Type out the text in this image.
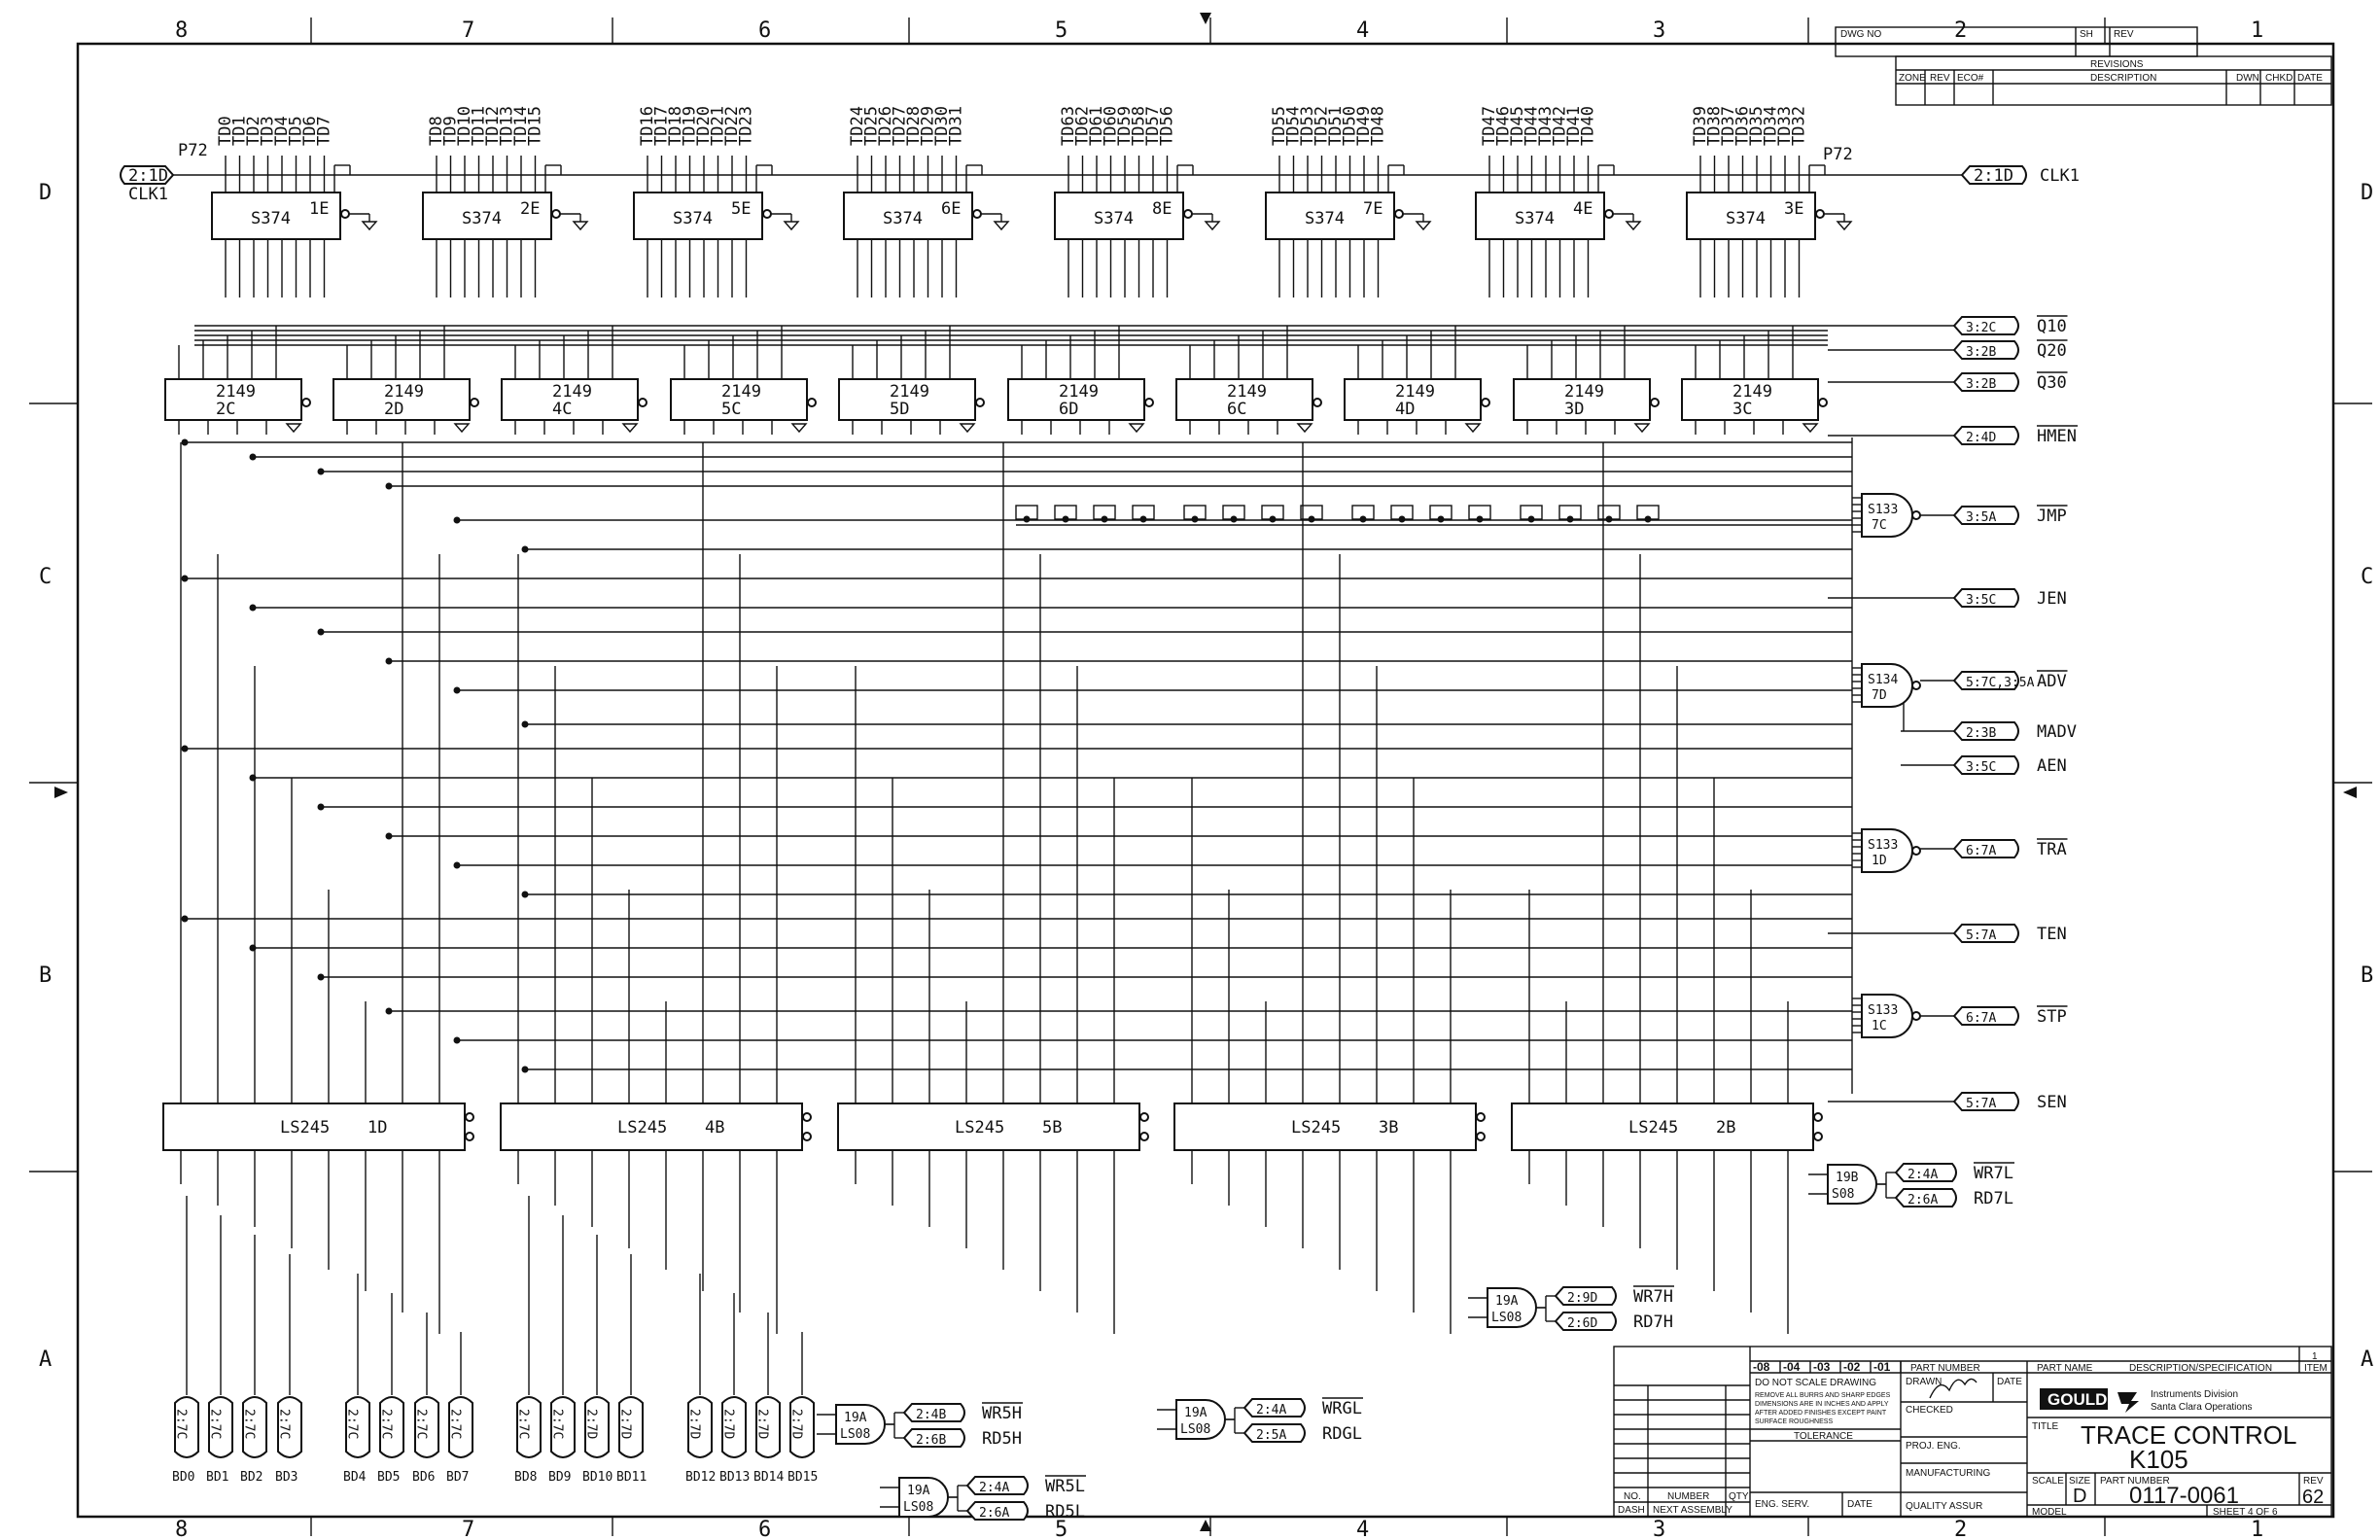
8
8
7
7
6
6
5
5
4
4
3
3
2
2
1
1
D	D
C	C
B	B
A	A
S374 1E
TD0
TD1
TD2
TD3
TD4
TD5
TD6
TD7
S374 2E
TD8
TD9
TD10
TD11
TD12
TD13
TD14
TD15
S374 5E
TD16
TD17
TD18
TD19
TD20
TD21
TD22
TD23
S374 6E
TD24
TD25
TD26
TD27
TD28
TD29
TD30
TD31
S374 8E
TD63
TD62
TD61
TD60
TD59
TD58
TD57
TD56
S374 7E
TD55
TD54
TD53
TD52
TD51
TD50
TD49
TD48
S374 4E
TD47
TD46
TD45
TD44
TD43
TD42
TD41
TD40
S374 3E
TD39
TD38
TD37
TD36
TD35
TD34
TD33
TD32
2149
2C
2149
2D
2149
4C
2149
5C
2149
5D
2149
6D
2149
6C
2149
4D
2149
3D
2149
3C
LS245 1D	LS245 4B	LS245 5B	LS245 3B	LS245 2B
S133
7C
S134
7D
S133
1D
S133
1C
19B
S08
19A
LS08
19A
LS08
19A
LS08
19A
LS08
3:2C Q10
3:2B Q20
3:2B Q30
2:4D HMEN
3:5A JMP
3:5C JEN
5:7C,3:5A ADV
2:3B MADV
3:5C AEN
6:7A TRA
5:7A TEN
6:7A STP
5:7A SEN
2:4A WR7L
2:6A RD7L
2:9D WR7H
2:6D RD7H
2:4B WR5H
2:6B RD5H
2:4A WRGL
2:5A RDGL
2:4A WR5L
2:6A RD5L
2:7C
BD0
2:7C
BD1
2:7C
BD2
2:7C
BD3
2:7C
BD4
2:7C
BD5
2:7C
BD6
2:7C
BD7
2:7C
BD8
2:7C
BD9
2:7D
BD10
2:7D
BD11
2:7D
BD12
2:7D
BD13
2:7D
BD14
2:7D
BD15
2:1D
CLK1
P72
2:1D CLK1
P72
DWG NO	SH REV
REVISIONS
ZONE REV ECO#	DESCRIPTION	DWN CHKD DATE
1
-08 -04 -03 -02 -01 PART NUMBER	PART NAME	DESCRIPTION/SPECIFICATION	ITEM
DASH
NO.	NUMBER
NEXT ASSEMBLY
QTY
DO NOT SCALE DRAWING
REMOVE ALL BURRS AND SHARP EDGES
DIMENSIONS ARE IN INCHES AND APPLY
AFTER ADDED FINISHES EXCEPT PAINT
SURFACE ROUGHNESS
TOLERANCE
ENG. SERV.	DATE
DRAWN	DATE
CHECKED
PROJ. ENG.
MANUFACTURING
QUALITY ASSUR
GOULD	Instruments Division
Santa Clara Operations
TITLE TRACE CONTROL
K105
SCALE SIZE
D
PART NUMBER
0117-0061
REV
62
MODEL	SHEET 4 OF 6
